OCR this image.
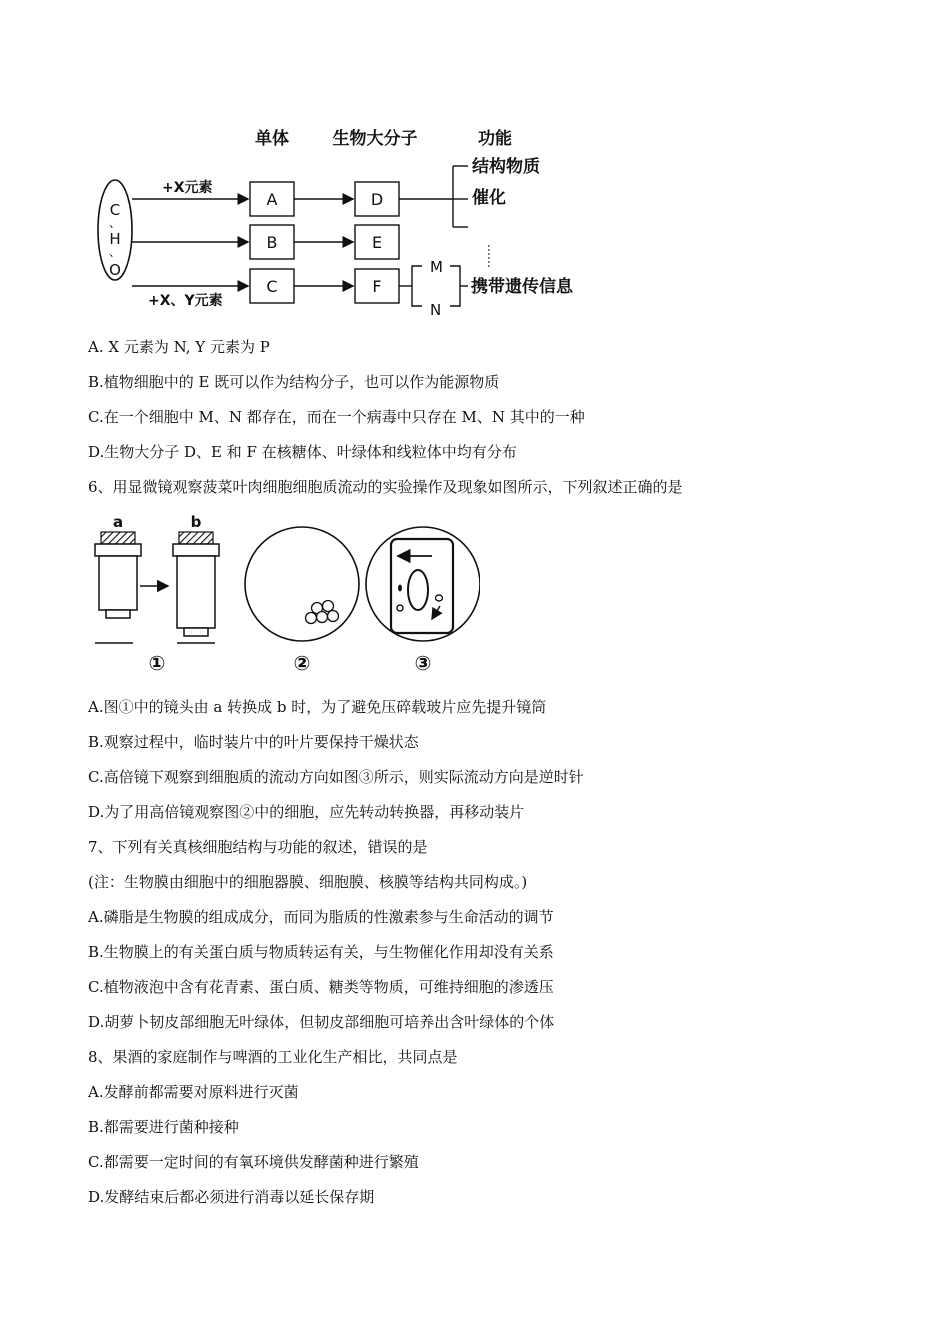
单体	生物大分子	功能
C
、
H
、
O
+X元素
+X、Y元素
A
B
C
D
E
F
结构物质
催化
……
M
N
携带遗传信息
A. X 元素为 N, Y 元素为 P
B.植物细胞中的 E 既可以作为结构分子，也可以作为能源物质
C.在一个细胞中 M、N 都存在，而在一个病毒中只存在 M、N 其中的一种
D.生物大分子 D、E 和 F 在核糖体、叶绿体和线粒体中均有分布
6、用显微镜观察菠菜叶肉细胞细胞质流动的实验操作及现象如图所示，下列叙述正确的是
a	b
①	②	③
A.图①中的镜头由 a 转换成 b 时，为了避免压碎载玻片应先提升镜筒
B.观察过程中，临时装片中的叶片要保持干燥状态
C.高倍镜下观察到细胞质的流动方向如图③所示，则实际流动方向是逆时针
D.为了用高倍镜观察图②中的细胞，应先转动转换器，再移动装片
7、下列有关真核细胞结构与功能的叙述，错误的是
(注：生物膜由细胞中的细胞器膜、细胞膜、核膜等结构共同构成。)
A.磷脂是生物膜的组成成分，而同为脂质的性激素参与生命活动的调节
B.生物膜上的有关蛋白质与物质转运有关，与生物催化作用却没有关系
C.植物液泡中含有花青素、蛋白质、糖类等物质，可维持细胞的渗透压
D.胡萝卜韧皮部细胞无叶绿体，但韧皮部细胞可培养出含叶绿体的个体
8、果酒的家庭制作与啤酒的工业化生产相比，共同点是
A.发酵前都需要对原料进行灭菌
B.都需要进行菌种接种
C.都需要一定时间的有氧环境供发酵菌种进行繁殖
D.发酵结束后都必须进行消毒以延长保存期
